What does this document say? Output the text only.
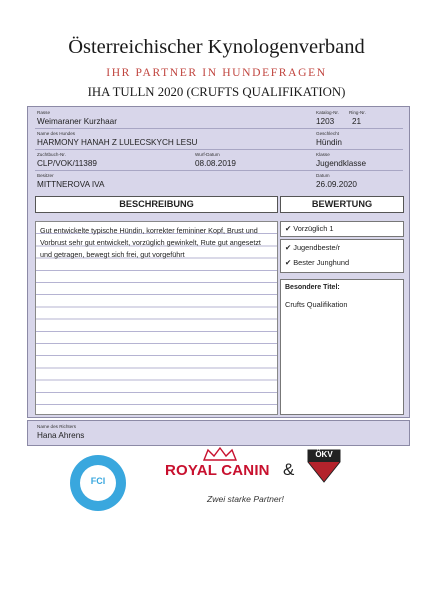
Österreichischer Kynologenverband
IHR PARTNER IN HUNDEFRAGEN
IHA TULLN 2020 (CRUFTS QUALIFIKATION)
Rasse
Weimaraner Kurzhaar
Katalog-Nr.
1203
Ring-Nr.
21
Name des Hundes
HARMONY HANAH Z LULECSKYCH LESU
Geschlecht
Hündin
Zuchtbuch-Nr.
CLP/VOK/11389
Wurf-Datum
08.08.2019
Klasse
Jugendklasse
Besitzer
MITTNEROVA IVA
Datum
26.09.2020
BESCHREIBUNG	BEWERTUNG
Gut entwickelte typische Hündin, korrekter femininer Kopf, Brust und Vorbrust sehr gut entwickelt, vorzüglich gewinkelt, Rute gut angesetzt und getragen, bewegt sich frei, gut vorgeführt
✔ Vorzüglich 1
✔ Jugendbeste/r
✔ Bester Junghund
Besondere Titel:
Crufts Qualifikation
Name des Richters
Hana Ahrens
FCI
ROYAL CANIN &
ÖKV
Zwei starke Partner!
